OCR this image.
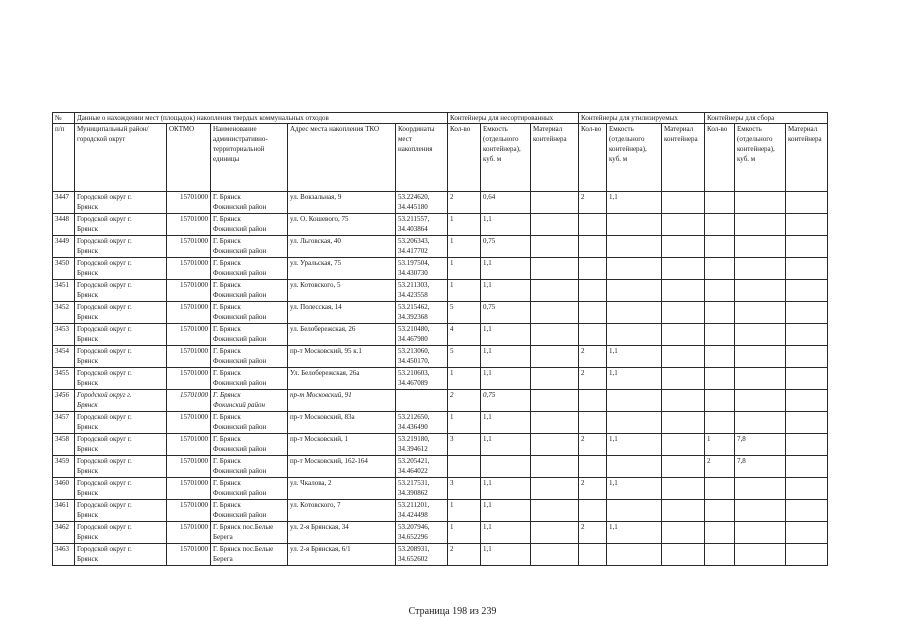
№	Данные о нахождении мест (площадок) накопления твердых коммунальных отходов					Контейнеры для несортированных			Контейнеры для утилизируемых			Контейнеры для сбора		
п/п	Муниципальный район/городской округ	ОКТМО	Наименование административно-территориальной единицы	Адрес места накопления ТКО	Координаты мест накопления	Кол-во	Емкость (отдельного контейнера), куб. м	Материал контейнера	Кол-во	Емкость (отдельного контейнера), куб. м	Материал контейнера	Кол-во	Емкость (отдельного контейнера), куб. м	Материал контейнера
3447	Городской округ г.
Брянск	15701000	Г. Брянск
Фокинский район	ул. Вокзальная, 9	53.224620,
34.445180	2	0,64		2	1,1				
3448	Городской округ г.
Брянск	15701000	Г. Брянск
Фокинский район	ул. О. Кошевого, 75	53.211557,
34.403864	1	1,1							
3449	Городской округ г.
Брянск	15701000	Г. Брянск
Фокинский район	ул. Льговская, 40	53.206343,
34.417702	1	0,75							
3450	Городской округ г.
Брянск	15701000	Г. Брянск
Фокинский район	ул. Уральская, 75	53.197504,
34.430730	1	1,1							
3451	Городской округ г.
Брянск	15701000	Г. Брянск
Фокинский район	ул. Котовского, 5	53.211303,
34.423558	1	1,1							
3452	Городской округ г.
Брянск	15701000	Г. Брянск
Фокинский район	ул. Полесская, 14	53.215462,
34.392368	5	0,75							
3453	Городской округ г.
Брянск	15701000	Г. Брянск
Фокинский район	ул. Белобережская, 26	53.210480,
34.467980	4	1,1							
3454	Городской округ г.
Брянск	15701000	Г. Брянск
Фокинский район	пр-т Московский, 95 к.1	53.213060,
34.450170,	5	1,1		2	1,1				
3455	Городской округ г.
Брянск	15701000	Г. Брянск
Фокинский район	Ул. Белобережская, 26а	53.210603,
34.467089	1	1,1		2	1,1				
3456	Городской округ г.
Брянск	15701000	Г. Брянск
Фокинский район	пр-т Московский, 91		2	0,75							
3457	Городской округ г.
Брянск	15701000	Г. Брянск
Фокинский район	пр-т Московский, 83а	53.212650,
34.436490	1	1,1							
3458	Городской округ г.
Брянск	15701000	Г. Брянск
Фокинский район	пр-т Московский, 1	53.219180,
34.394612	3	1,1		2	1,1		1	7,8	
3459	Городской округ г.
Брянск	15701000	Г. Брянск
Фокинский район	пр-т Московский, 162-164	53.205421,
34.464022							2	7,8	
3460	Городской округ г.
Брянск	15701000	Г. Брянск
Фокинский район	ул. Чкалова, 2	53.217531,
34.390862	3	1,1		2	1,1				
3461	Городской округ г.
Брянск	15701000	Г. Брянск
Фокинский район	ул. Котовского, 7	53.211201,
34.424498	1	1,1							
3462	Городской округ г.
Брянск	15701000	Г. Брянск пос.Белые
Берега	ул. 2-я Брянская, 34	53.207946,
34.652296	1	1,1		2	1,1				
3463	Городской округ г.
Брянск	15701000	Г. Брянск пос.Белые
Берега	ул. 2-я Брянская, 6/1	53.208931,
34.652602	2	1,1							
Страница 198 из 239
